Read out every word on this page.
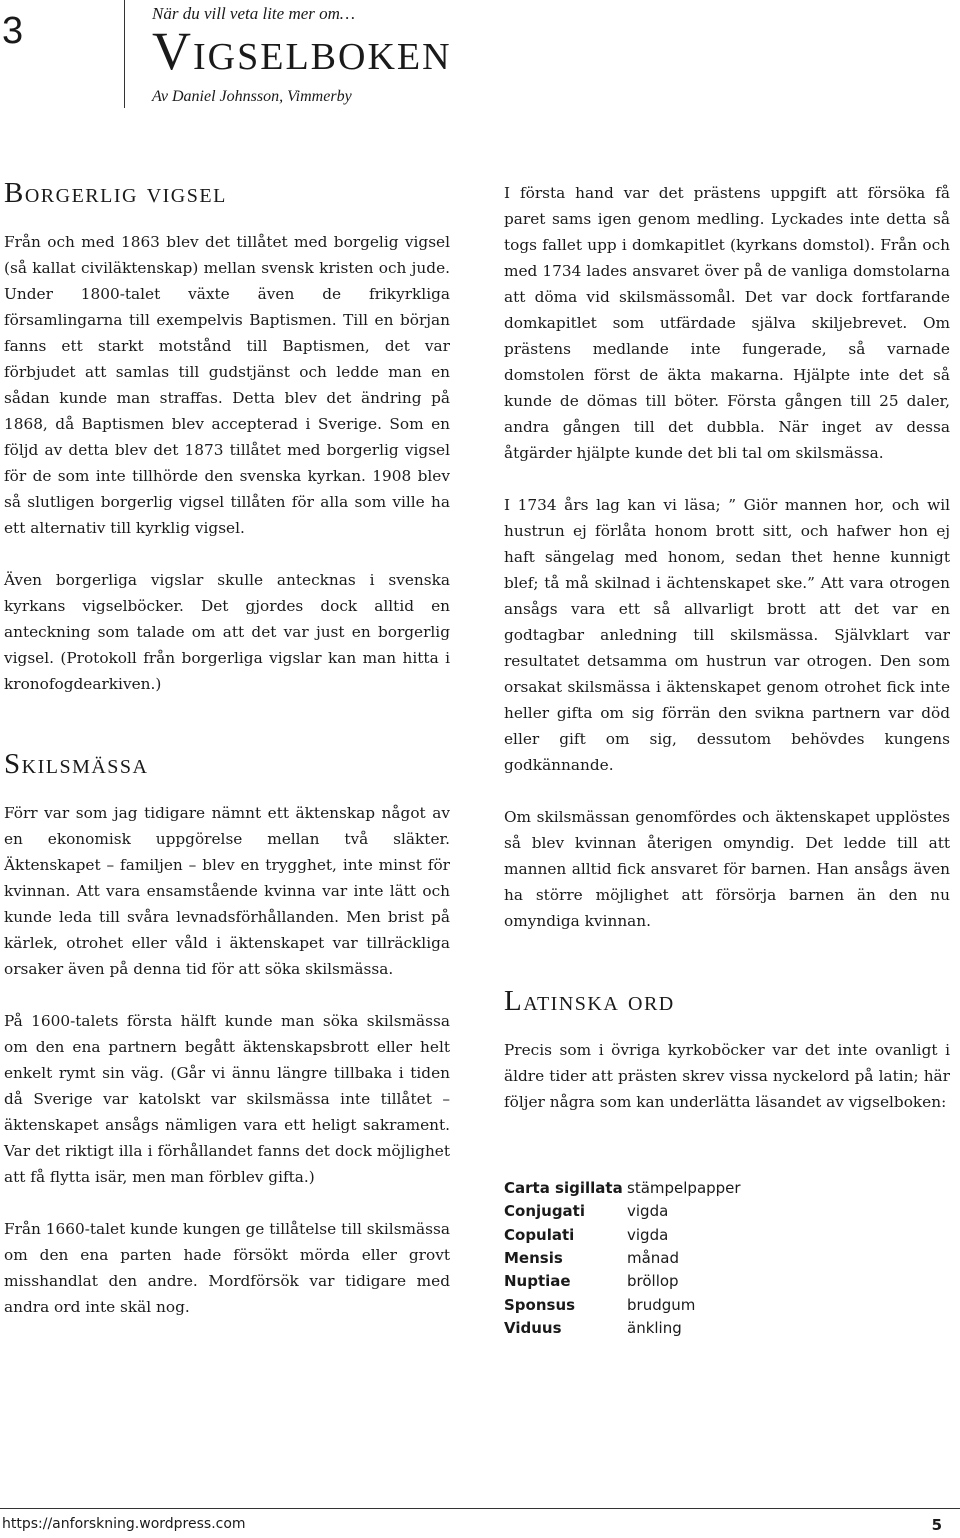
3	När du vill veta lite mer om…
Vigselboken
Av Daniel Johnsson, Vimmerby
Borgerlig vigsel

Från och med 1863 blev det tillåtet med borgelig vigsel (så kallat civiläktenskap) mellan svensk kristen och jude. Under 1800-talet växte även de frikyrkliga församlingarna till exempelvis Baptismen. Till en början fanns ett starkt motstånd till Baptismen, det var förbjudet att samlas till gudstjänst och ledde man en sådan kunde man straffas. Detta blev det ändring på 1868, då Baptismen blev accepterad i Sverige. Som en följd av detta blev det 1873 tillåtet med borgerlig vigsel för de som inte tillhörde den svenska kyrkan. 1908 blev så slutligen borgerlig vigsel tillåten för alla som ville ha ett alternativ till kyrklig vigsel.

Även borgerliga vigslar skulle antecknas i svenska kyrkans vigselböcker. Det gjordes dock alltid en anteckning som talade om att det var just en borgerlig vigsel. (Protokoll från borgerliga vigslar kan man hitta i kronofogdearkiven.)

Skilsmässa

Förr var som jag tidigare nämnt ett äktenskap något av en ekonomisk uppgörelse mellan två släkter. Äktenskapet – familjen – blev en trygghet, inte minst för kvinnan. Att vara ensamstående kvinna var inte lätt och kunde leda till svåra levnadsförhållanden. Men brist på kärlek, otrohet eller våld i äktenskapet var tillräckliga orsaker även på denna tid för att söka skilsmässa.

På 1600-talets första hälft kunde man söka skilsmässa om den ena partnern begått äktenskapsbrott eller helt enkelt rymt sin väg. (Går vi ännu längre tillbaka i tiden då Sverige var katolskt var skilsmässa inte tillåtet – äktenskapet ansågs nämligen vara ett heligt sakrament. Var det riktigt illa i förhållandet fanns det dock möjlighet att få flytta isär, men man förblev gifta.)

Från 1660-talet kunde kungen ge tillåtelse till skilsmässa om den ena parten hade försökt mörda eller grovt misshandlat den andre. Mordförsök var tidigare med andra ord inte skäl nog.

I första hand var det prästens uppgift att försöka få paret sams igen genom medling. Lyckades inte detta så togs fallet upp i domkapitlet (kyrkans domstol). Från och med 1734 lades ansvaret över på de vanliga domstolarna att döma vid skilsmässomål. Det var dock fortfarande domkapitlet som utfärdade själva skiljebrevet. Om prästens medlande inte fungerade, så varnade domstolen först de äkta makarna. Hjälpte inte det så kunde de dömas till böter. Första gången till 25 daler, andra gången till det dubbla. När inget av dessa åtgärder hjälpte kunde det bli tal om skilsmässa.

I 1734 års lag kan vi läsa; ” Giör mannen hor, och wil hustrun ej förlåta honom brott sitt, och hafwer hon ej haft sängelag med honom, sedan thet henne kunnigt blef; tå må skilnad i ächtenskapet ske.” Att vara otrogen ansågs vara ett så allvarligt brott att det var en godtagbar anledning till skilsmässa. Självklart var resultatet detsamma om hustrun var otrogen. Den som orsakat skilsmässa i äktenskapet genom otrohet fick inte heller gifta om sig förrän den svikna partnern var död eller gift om sig, dessutom behövdes kungens godkännande.

Om skilsmässan genomfördes och äktenskapet upplöstes så blev kvinnan återigen omyndig. Det ledde till att mannen alltid fick ansvaret för barnen. Han ansågs även ha större möjlighet att försörja barnen än den nu omyndiga kvinnan.

Latinska ord

Precis som i övriga kyrkoböcker var det inte ovanligt i äldre tider att prästen skrev vissa nyckelord på latin; här följer några som kan underlätta läsandet av vigselboken:

Carta sigillata	stämpelpapper
Conjugati	vigda
Copulati	vigda
Mensis	månad
Nuptiae	bröllop
Sponsus	brudgum
Viduus	änkling
https://anforskning.wordpress.com	5
